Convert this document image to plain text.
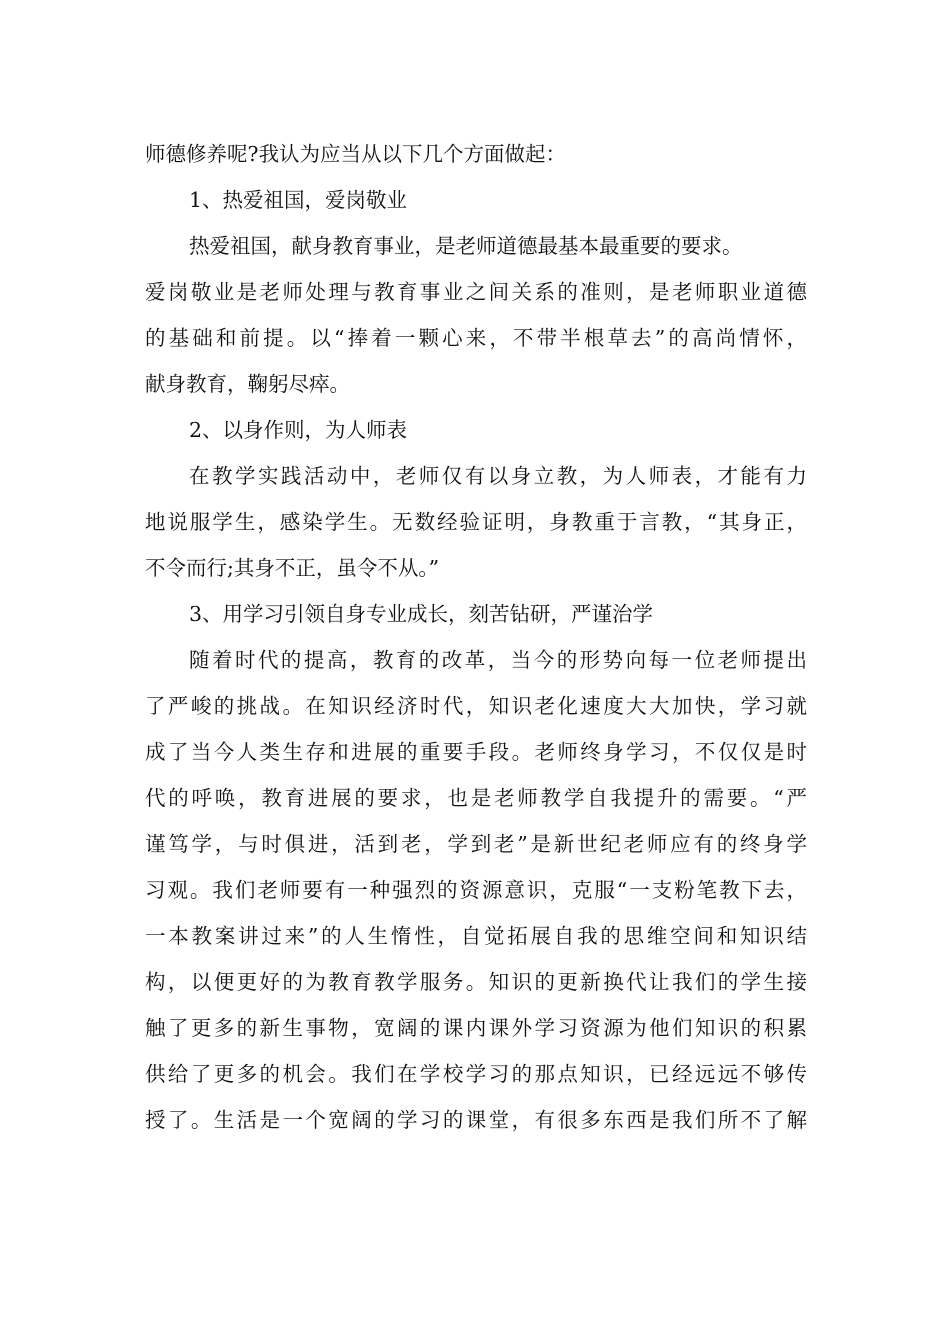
师德修养呢?我认为应当从以下几个方面做起：
1、热爱祖国，爱岗敬业
热爱祖国，献身教育事业，是老师道德最基本最重要的要求。
爱岗敬业是老师处理与教育事业之间关系的准则，是老师职业道德
的基础和前提。以“捧着一颗心来，不带半根草去”的高尚情怀，
献身教育，鞠躬尽瘁。
2、以身作则，为人师表
在教学实践活动中，老师仅有以身立教，为人师表，才能有力
地说服学生，感染学生。无数经验证明，身教重于言教，“其身正，
不令而行;其身不正，虽令不从。”
3、用学习引领自身专业成长，刻苦钻研，严谨治学
随着时代的提高，教育的改革，当今的形势向每一位老师提出
了严峻的挑战。在知识经济时代，知识老化速度大大加快，学习就
成了当今人类生存和进展的重要手段。老师终身学习，不仅仅是时
代的呼唤，教育进展的要求，也是老师教学自我提升的需要。“严
谨笃学，与时俱进，活到老，学到老”是新世纪老师应有的终身学
习观。我们老师要有一种强烈的资源意识，克服“一支粉笔教下去，
一本教案讲过来”的人生惰性，自觉拓展自我的思维空间和知识结
构，以便更好的为教育教学服务。知识的更新换代让我们的学生接
触了更多的新生事物，宽阔的课内课外学习资源为他们知识的积累
供给了更多的机会。我们在学校学习的那点知识，已经远远不够传
授了。生活是一个宽阔的学习的课堂，有很多东西是我们所不了解
